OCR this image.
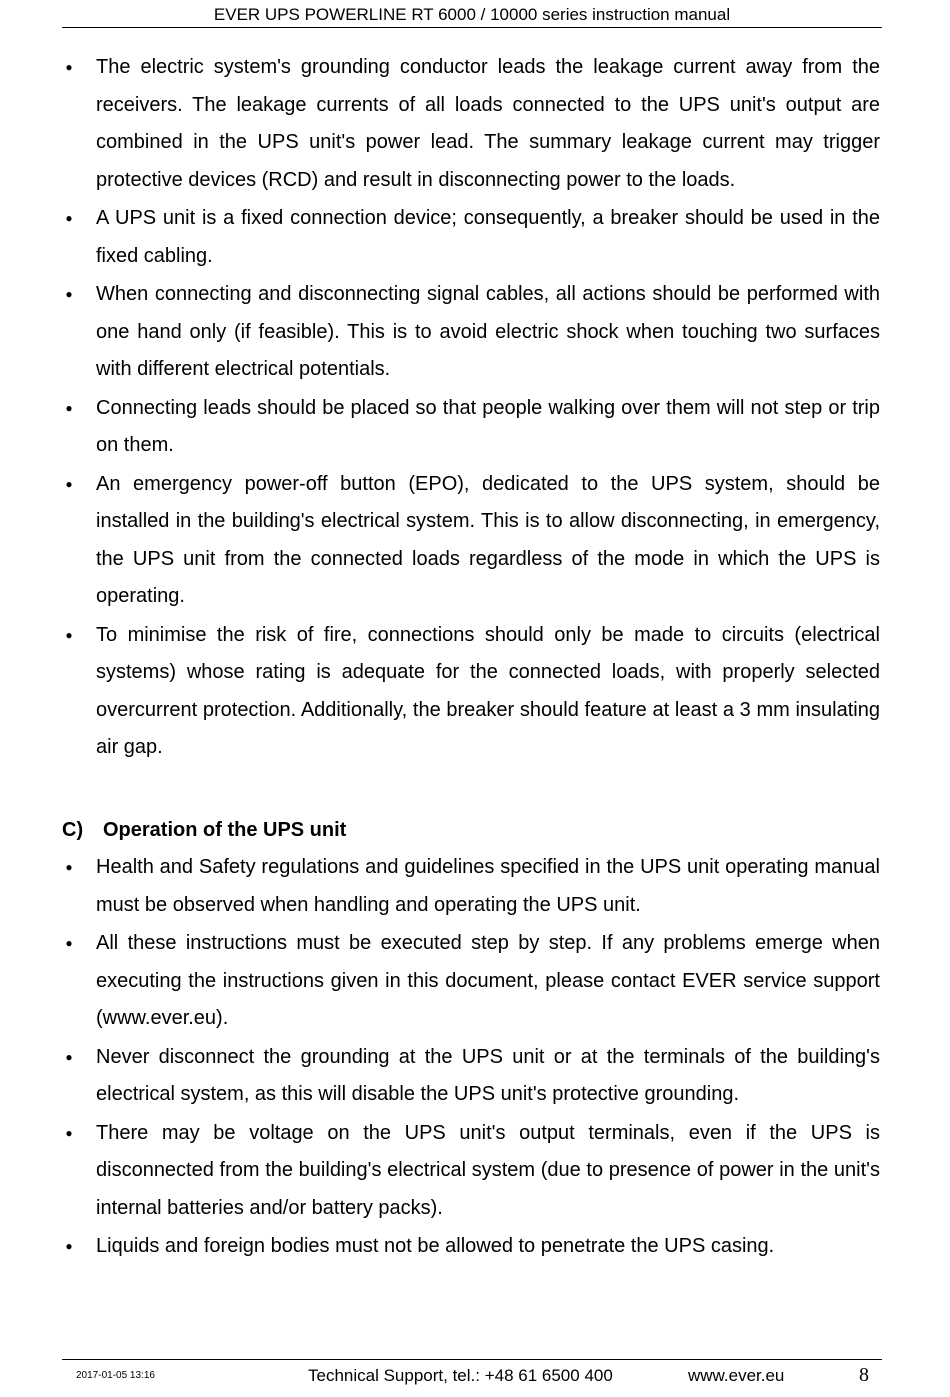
EVER UPS POWERLINE RT 6000 / 10000 series instruction manual
● The electric system's grounding conductor leads the leakage current away from the receivers. The leakage currents of all loads connected to the UPS unit's output are combined in the UPS unit's power lead. The summary leakage current may trigger protective devices (RCD) and result in disconnecting power to the loads.
● A UPS unit is a fixed connection device; consequently, a breaker should be used in the fixed cabling.
● When connecting and disconnecting signal cables, all actions should be performed with one hand only (if feasible). This is to avoid electric shock when touching two surfaces with different electrical potentials.
● Connecting leads should be placed so that people walking over them will not step or trip on them.
● An emergency power-off button (EPO), dedicated to the UPS system, should be installed in the building's electrical system. This is to allow disconnecting, in emergency, the UPS unit from the connected loads regardless of the mode in which the UPS is operating.
● To minimise the risk of fire, connections should only be made to circuits (electrical systems) whose rating is adequate for the connected loads, with properly selected overcurrent protection. Additionally, the breaker should feature at least a 3 mm insulating air gap.
C) Operation of the UPS unit
● Health and Safety regulations and guidelines specified in the UPS unit operating manual must be observed when handling and operating the UPS unit.
● All these instructions must be executed step by step. If any problems emerge when executing the instructions given in this document, please contact EVER service support (www.ever.eu).
● Never disconnect the grounding at the UPS unit or at the terminals of the building's electrical system, as this will disable the UPS unit's protective grounding.
● There may be voltage on the UPS unit's output terminals, even if the UPS is disconnected from the building's electrical system (due to presence of power in the unit's internal batteries and/or battery packs).
● Liquids and foreign bodies must not be allowed to penetrate the UPS casing.
2017-01-05 13:16	Technical Support, tel.: +48 61 6500 400	www.ever.eu	8
